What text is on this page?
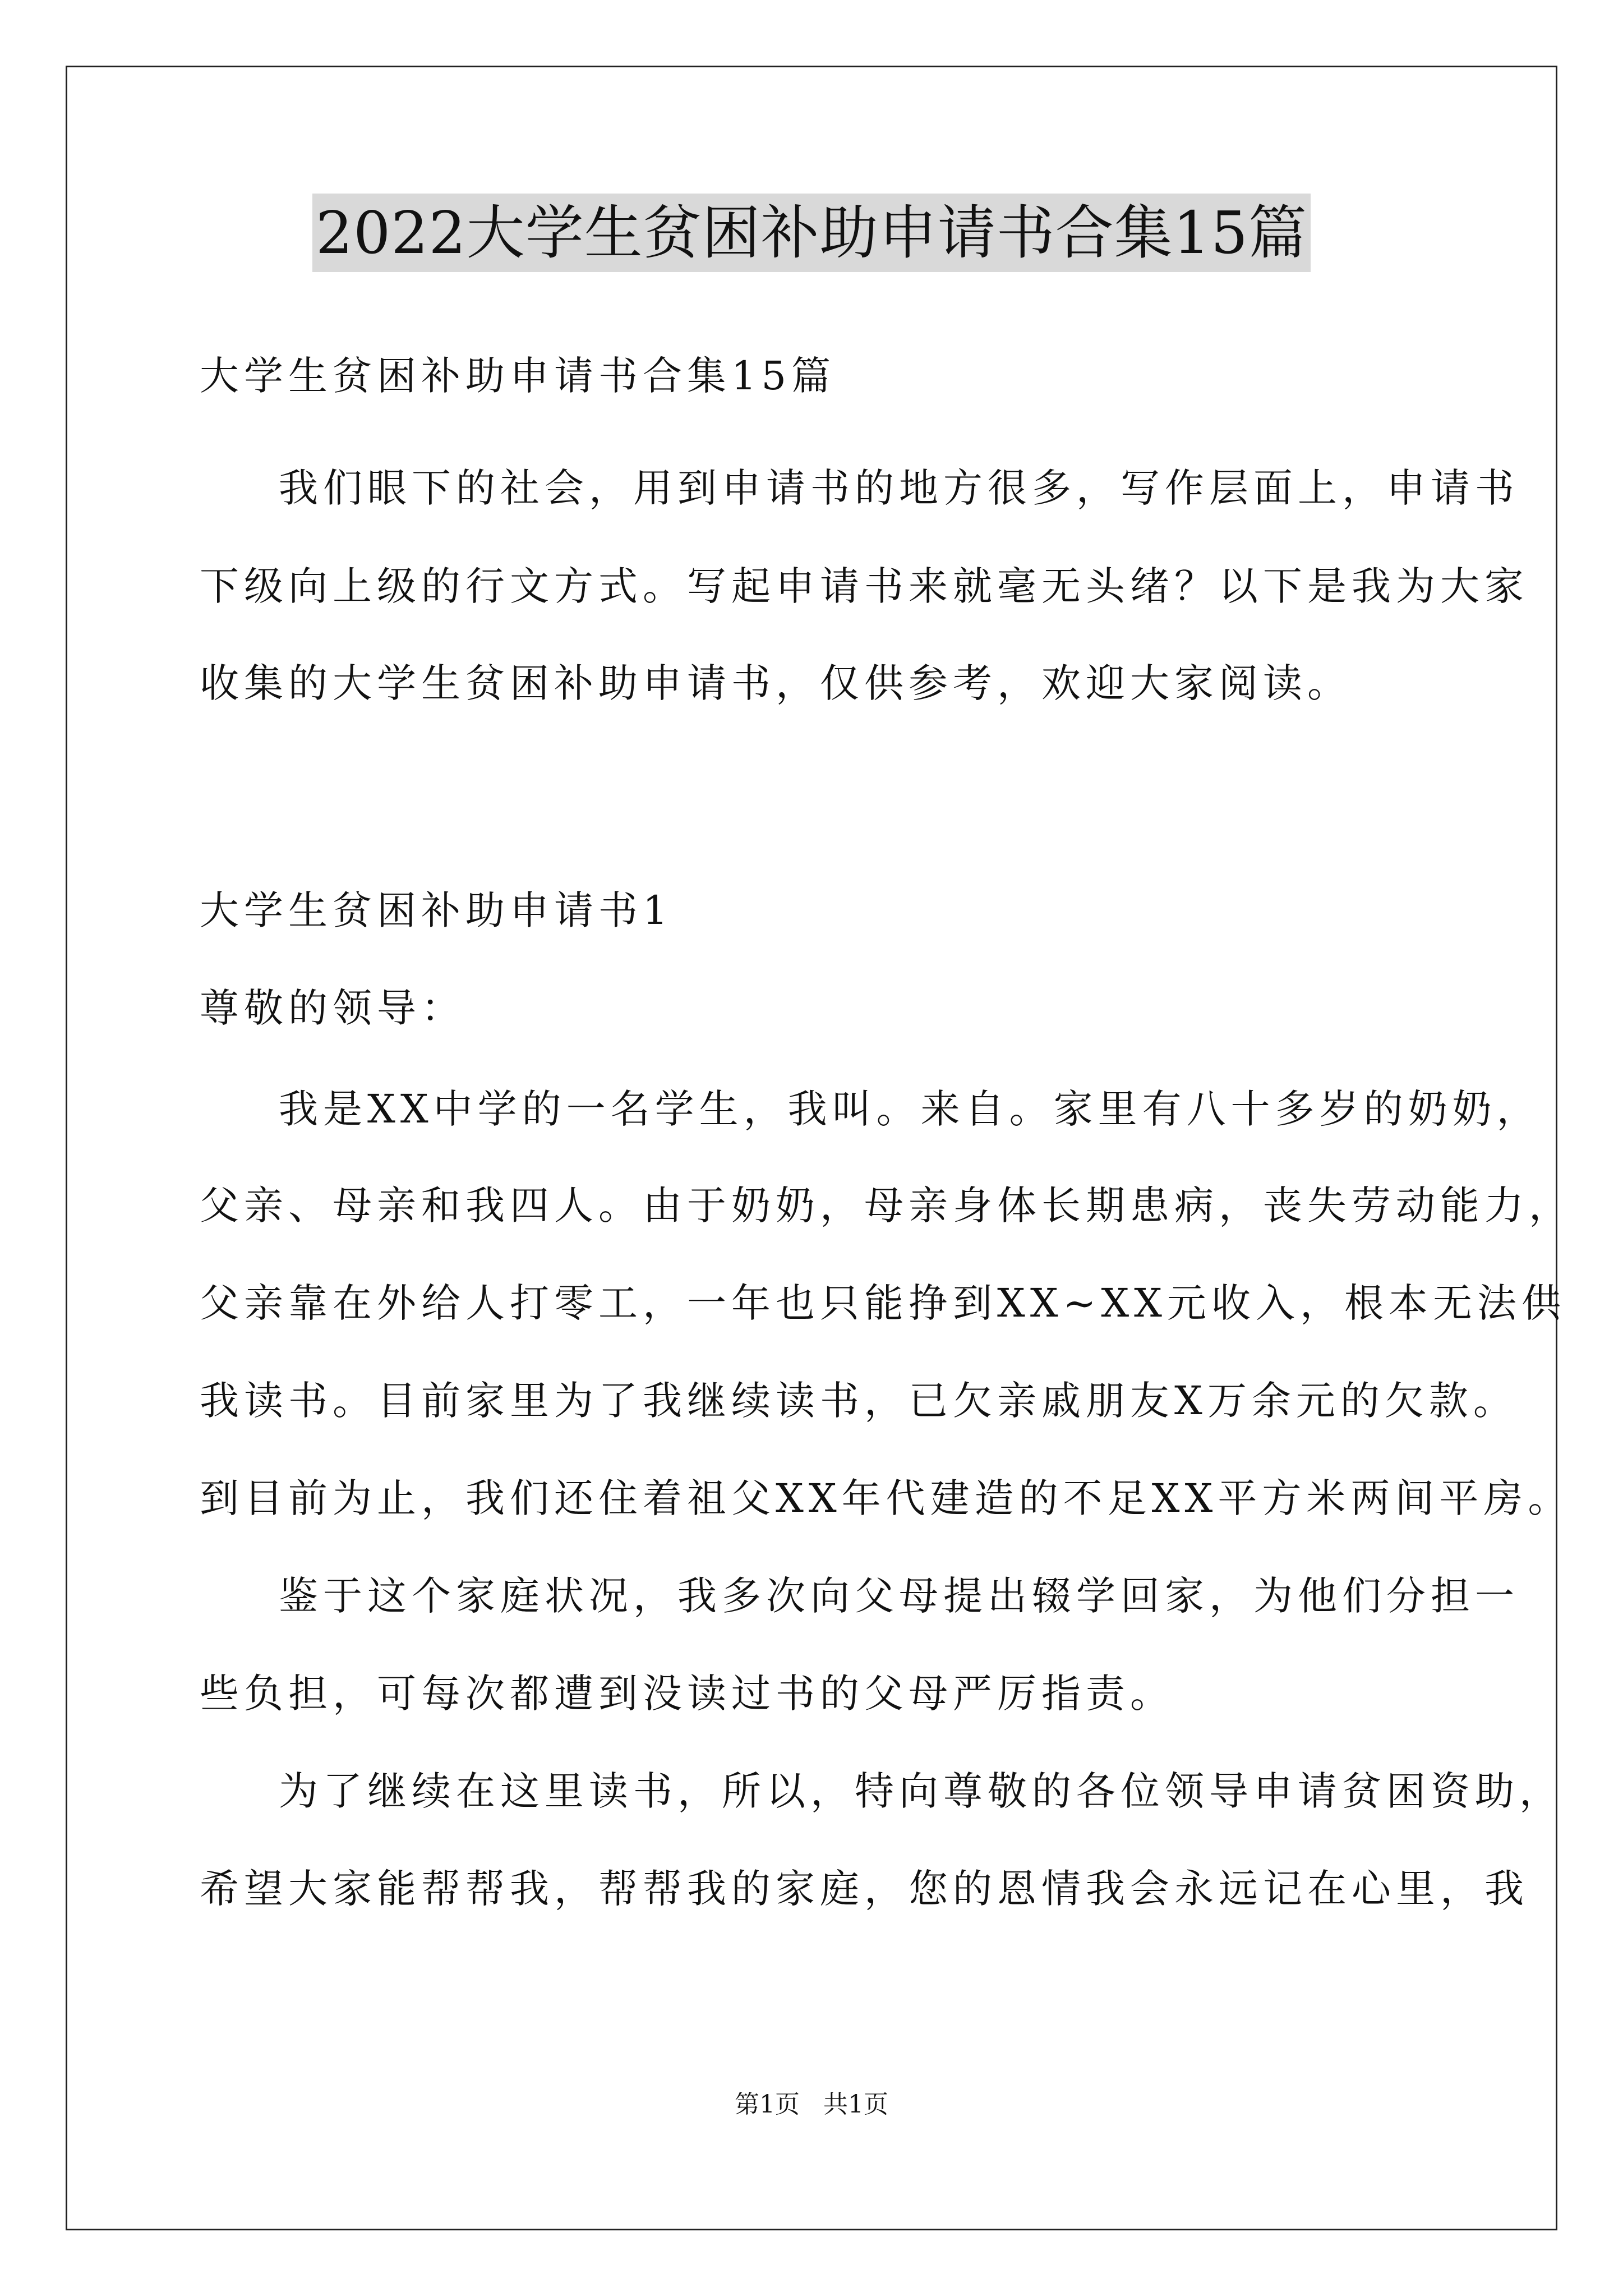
2022大学生贫困补助申请书合集15篇
大学生贫困补助申请书合集15篇
我们眼下的社会，用到申请书的地方很多，写作层面上，申请书
下级向上级的行文方式。写起申请书来就毫无头绪？以下是我为大家
收集的大学生贫困补助申请书，仅供参考，欢迎大家阅读。
大学生贫困补助申请书1
尊敬的领导：
我是XX中学的一名学生，我叫。来自。家里有八十多岁的奶奶，
父亲、母亲和我四人。由于奶奶，母亲身体长期患病，丧失劳动能力，
父亲靠在外给人打零工，一年也只能挣到XX~XX元收入，根本无法供
我读书。目前家里为了我继续读书，已欠亲戚朋友X万余元的欠款。
到目前为止，我们还住着祖父XX年代建造的不足XX平方米两间平房。
鉴于这个家庭状况，我多次向父母提出辍学回家，为他们分担一
些负担，可每次都遭到没读过书的父母严厉指责。
为了继续在这里读书，所以，特向尊敬的各位领导申请贫困资助，
希望大家能帮帮我，帮帮我的家庭，您的恩情我会永远记在心里，我
第1页   共1页
